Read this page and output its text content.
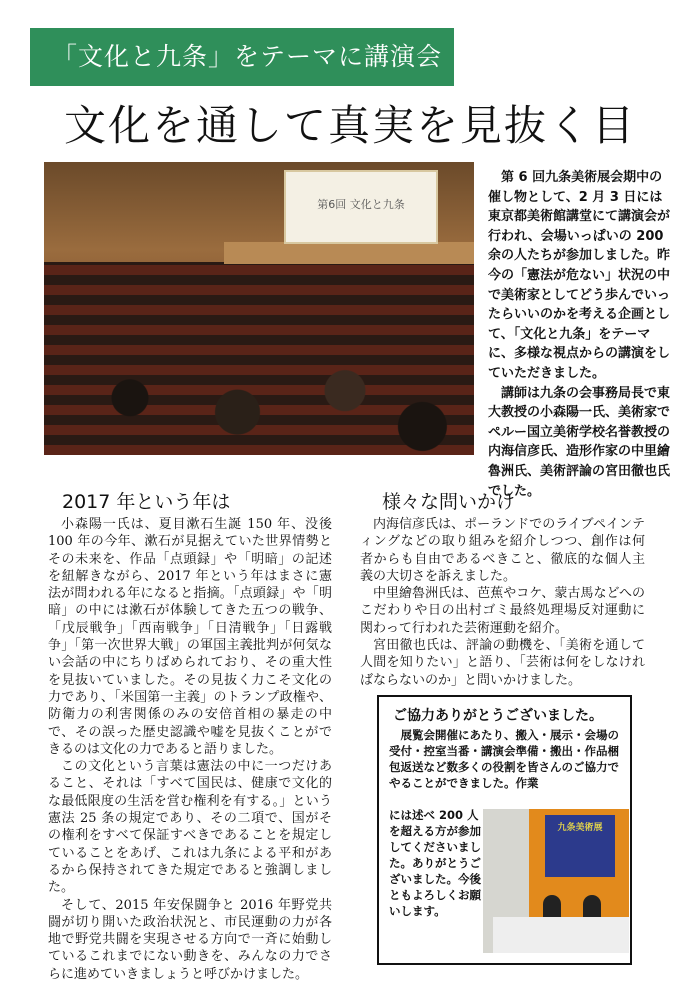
「文化と九条」をテーマに講演会
文化を通して真実を見抜く目
第6回 文化と九条

第 6 回九条美術展会期中の催し物として、2 月 3 日には東京都美術館講堂にて講演会が行われ、会場いっぱいの 200 余の人たちが参加しました。昨今の「憲法が危ない」状況の中で美術家としてどう歩んでいったらいいのかを考える企画として、「文化と九条」をテーマに、多様な視点からの講演をしていただきました。

講師は九条の会事務局長で東大教授の小森陽一氏、美術家でペルー国立美術学校名誉教授の内海信彦氏、造形作家の中里繪魯洲氏、美術評論の宮田徹也氏でした。

2017 年という年は	様々な問いかけ

小森陽一氏は、夏目漱石生誕 150 年、没後 100 年の今年、漱石が見据えていた世界情勢とその未来を、作品「点頭録」や「明暗」の記述を紐解きながら、2017 年という年はまさに憲法が問われる年になると指摘。「点頭録」や「明暗」の中には漱石が体験してきた五つの戦争、「戊辰戦争」「西南戦争」「日清戦争」「日露戦争」「第一次世界大戦」の軍国主義批判が何気ない会話の中にちりばめられており、その重大性を見抜いていました。その見抜く力こそ文化の力であり、「米国第一主義」のトランプ政権や、防衛力の利害関係のみの安倍首相の暴走の中で、その誤った歴史認識や嘘を見抜くことができるのは文化の力であると語りました。

この文化という言葉は憲法の中に一つだけあること、それは「すべて国民は、健康で文化的な最低限度の生活を営む権利を有する。」という憲法 25 条の規定であり、その二項で、国がその権利をすべて保証すべきであることを規定していることをあげ、これは九条による平和があるから保持されてきた規定であると強調しました。

そして、2015 年安保闘争と 2016 年野党共闘が切り開いた政治状況と、市民運動の力が各地で野党共闘を実現させる方向で一斉に始動しているこれまでにない動きを、みんなの力でさらに進めていきましょうと呼びかけました。

内海信彦氏は、ポーランドでのライブペインティングなどの取り組みを紹介しつつ、創作は何者からも自由であるべきこと、徹底的な個人主義の大切さを訴えました。

中里繪魯洲氏は、芭蕉やコケ、蒙古馬などへのこだわりや日の出村ゴミ最終処理場反対運動に関わって行われた芸術運動を紹介。

宮田徹也氏は、評論の動機を、「美術を通して人間を知りたい」と語り、「芸術は何をしなければならないのか」と問いかけました。

ご協力ありがとうございました。
展覧会開催にあたり、搬入・展示・会場の受付・控室当番・講演会準備・搬出・作品梱包返送など数多くの役割を皆さんのご協力でやることができました。作業
には述べ 200 人を超える方が参加してくださいました。ありがとうございました。今後ともよろしくお願いします。
九条美術展
